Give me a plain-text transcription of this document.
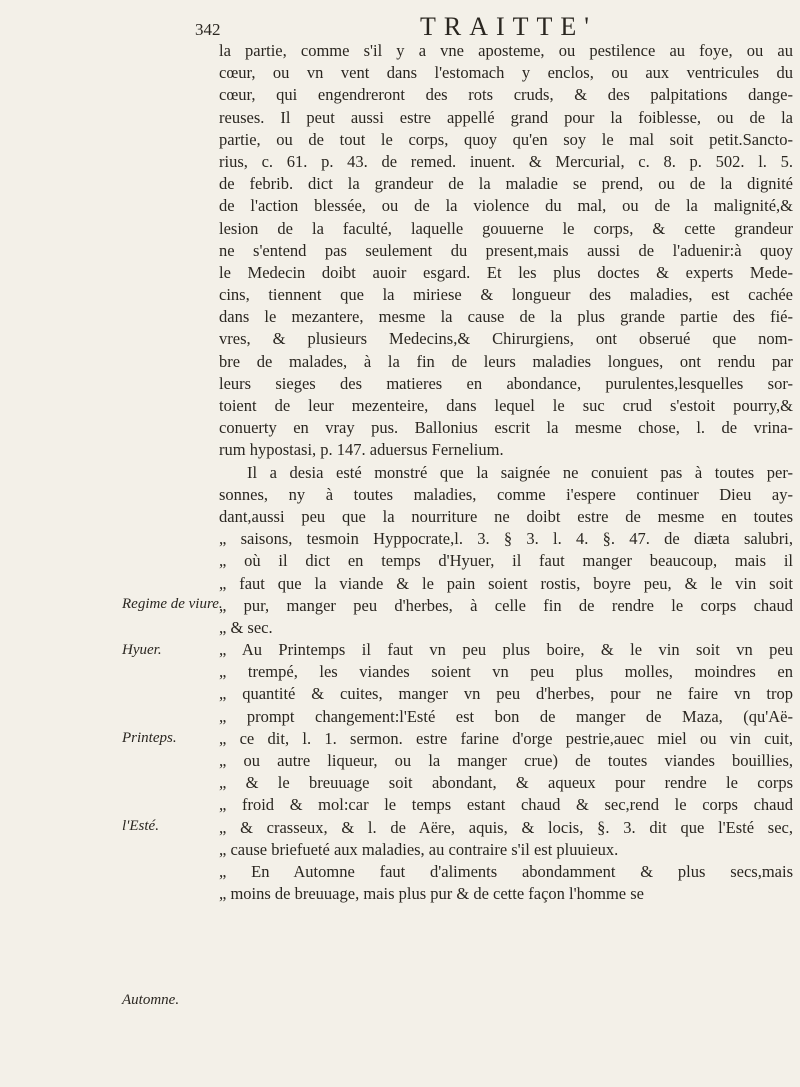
342	TRAITTE'
la partie, comme s'il y a vne apostemе, ou pestilence au foye, ou au
cœur, ou vn vent dans l'estomach y enclos, ou aux ventricules du
cœur, qui engendreront des rots cruds, & des palpitations dange-
reuses. Il peut aussi estre appellé grand pour la foiblesse, ou de la
partie, ou de tout le corps, quoy qu'en soy le mal soit petit.Sancto-
rius, c. 61. p. 43. de remed. inuent. & Mercurial, c. 8. p. 502. l. 5.
de febrib. dict la grandeur de la maladie se prend, ou de la dignité
de l'action blessée, ou de la violence du mal, ou de la malignité,&
lesion de la faculté, laquelle gouuerne le corps, & cette grandeur
ne s'entend pas seulement du present,mais aussi de l'aduenir:à quoy
le Medecin doibt auoir esgard. Et les plus doctes & experts Mede-
cins, tiennent que la miriese & longueur des maladies, est cachée
dans le mezantere, mesme la cause de la plus grande partie des fié-
vres, & plusieurs Medecins,& Chirurgiens, ont obserué que nom-
bre de malades, à la fin de leurs maladies longues, ont rendu par
leurs sieges des matieres en abondance, purulentes,lesquelles sor-
toient de leur mezenteire, dans lequel le suc crud s'estoit pourry,&
conuerty en vray pus. Ballonius escrit la mesme chose, l. de vrina-
rum hypostasi, p. 147. aduersus Fernelium.
Il a desia esté monstré que la saignée ne conuient pas à toutes per-
sonnes, ny à toutes maladies, comme i'espere continuer Dieu ay-
dant,aussi peu que la nourriture ne doibt estre de mesme en toutes
„ saisons, tesmoin Hyppocrate,l. 3. § 3. l. 4. §. 47. de diæta salubri,
„ où il dict en temps d'Hyuer, il faut manger beaucoup, mais il
„ faut que la viande & le pain soient rostis, boyre peu, & le vin soit
„ pur, manger peu d'herbes, à celle fin de rendre le corps chaud
„ & sec.
„ Au Printemps il faut vn peu plus boire, & le vin soit vn peu
„ trempé, les viandes soient vn peu plus molles, moindres en
„ quantité & cuites, manger vn peu d'herbes, pour ne faire vn trop
„ prompt changement:l'Esté est bon de manger de Maza, (qu'Aë-
„ ce dit, l. 1. sermon. estre farine d'orge pestrie,auec miel ou vin cuit,
„ ou autre liqueur, ou la manger crue) de toutes viandes bouillies,
„ & le breuuage soit abondant, & aqueux pour rendre le corps
„ froid & mol:car le temps estant chaud & sec,rend le corps chaud
„ & crasseux, & l. de Aëre, aquis, & locis, §. 3. dit que l'Esté sec,
„ cause briefueté aux maladies, au contraire s'il est pluuieux.
„ En Automne faut d'aliments abondamment & plus secs,mais
„ moins de breuuage, mais plus pur & de cette façon l'homme se
Regime de viure.
Hyuer.
Printeps.
l'Esté.
Automne.
